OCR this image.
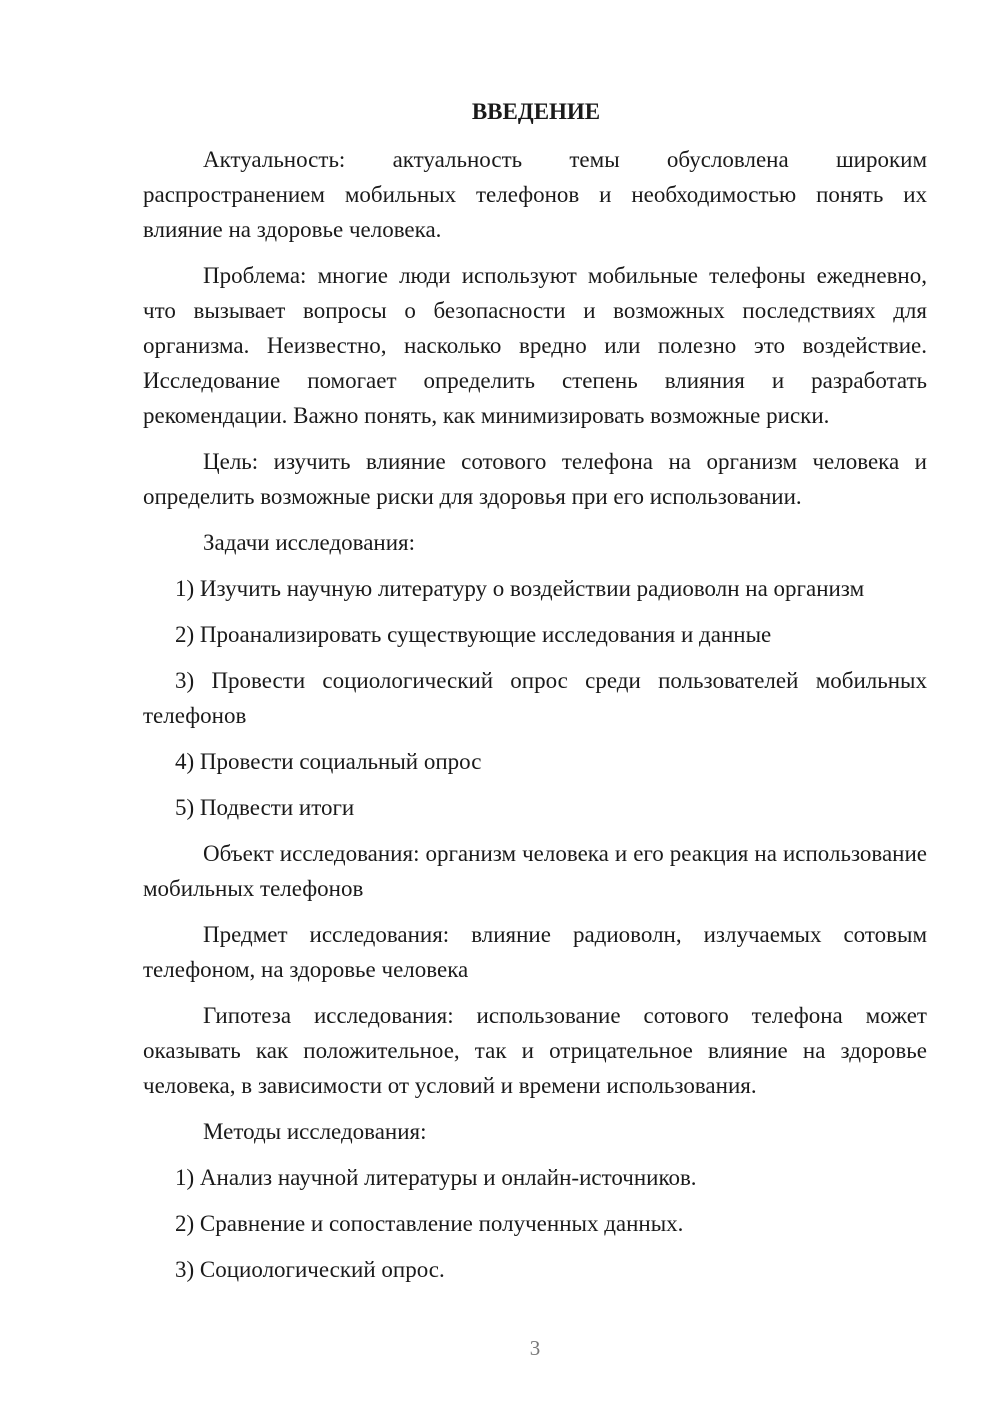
ВВЕДЕНИЕ

Актуальность: актуальность темы обусловлена широким распространением мобильных телефонов и необходимостью понять их влияние на здоровье человека.

Проблема: многие люди используют мобильные телефоны ежедневно, что вызывает вопросы о безопасности и возможных последствиях для организма. Неизвестно, насколько вредно или полезно это воздействие. Исследование помогает определить степень влияния и разработать рекомендации. Важно понять, как минимизировать возможные риски.

Цель: изучить влияние сотового телефона на организм человека и определить возможные риски для здоровья при его использовании.

Задачи исследования:

1) Изучить научную литературу о воздействии радиоволн на организм

2) Проанализировать существующие исследования и данные

3) Провести социологический опрос среди пользователей мобильных телефонов

4) Провести социальный опрос

5) Подвести итоги

Объект исследования: организм человека и его реакция на использование мобильных телефонов

Предмет исследования: влияние радиоволн, излучаемых сотовым телефоном, на здоровье человека

Гипотеза исследования: использование сотового телефона может оказывать как положительное, так и отрицательное влияние на здоровье человека, в зависимости от условий и времени использования.

Методы исследования:

1) Анализ научной литературы и онлайн-источников.

2) Сравнение и сопоставление полученных данных.

3) Социологический опрос.

3
